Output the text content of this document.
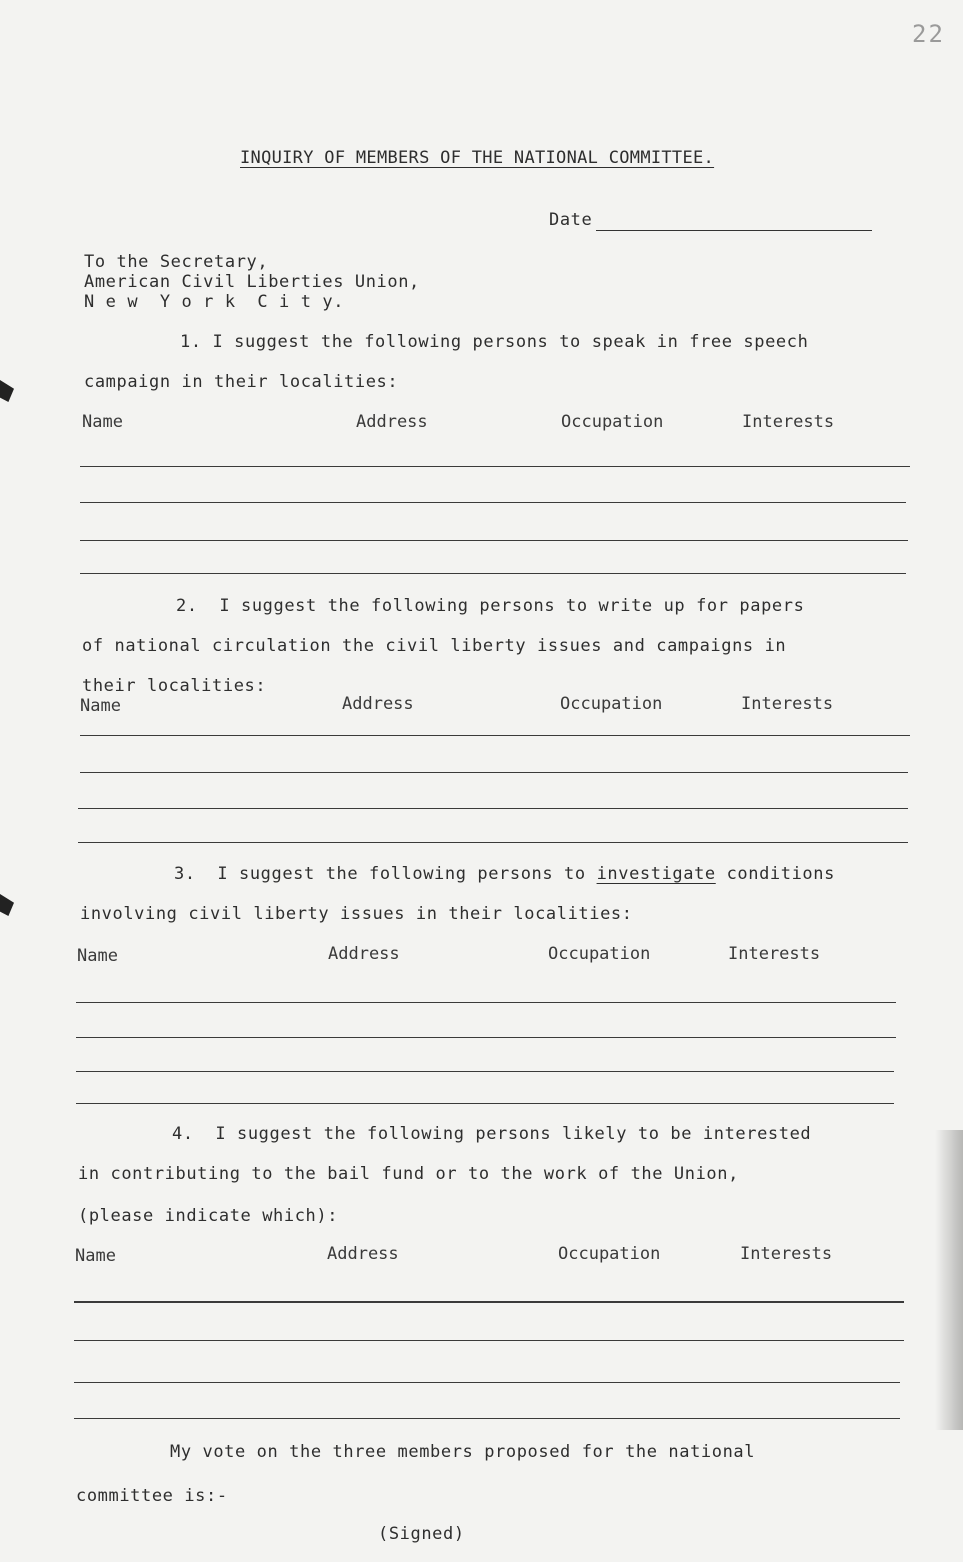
22
INQUIRY OF MEMBERS OF THE NATIONAL COMMITTEE.
Date
To the Secretary,
American Civil Liberties Union,
N e w  Y o r k  C i t y.
1. I suggest the following persons to speak in free speech
campaign in their localities:
Name	Address	Occupation	Interests
2.  I suggest the following persons to write up for papers
of national circulation the civil liberty issues and campaigns in
their localities:
Name	Address	Occupation	Interests
3.  I suggest the following persons to investigate conditions
involving civil liberty issues in their localities:
Name	Address	Occupation	Interests
4.  I suggest the following persons likely to be interested
in contributing to the bail fund or to the work of the Union,
(please indicate which):
Name	Address	Occupation	Interests
My vote on the three members proposed for the national
committee is:-
(Signed)
